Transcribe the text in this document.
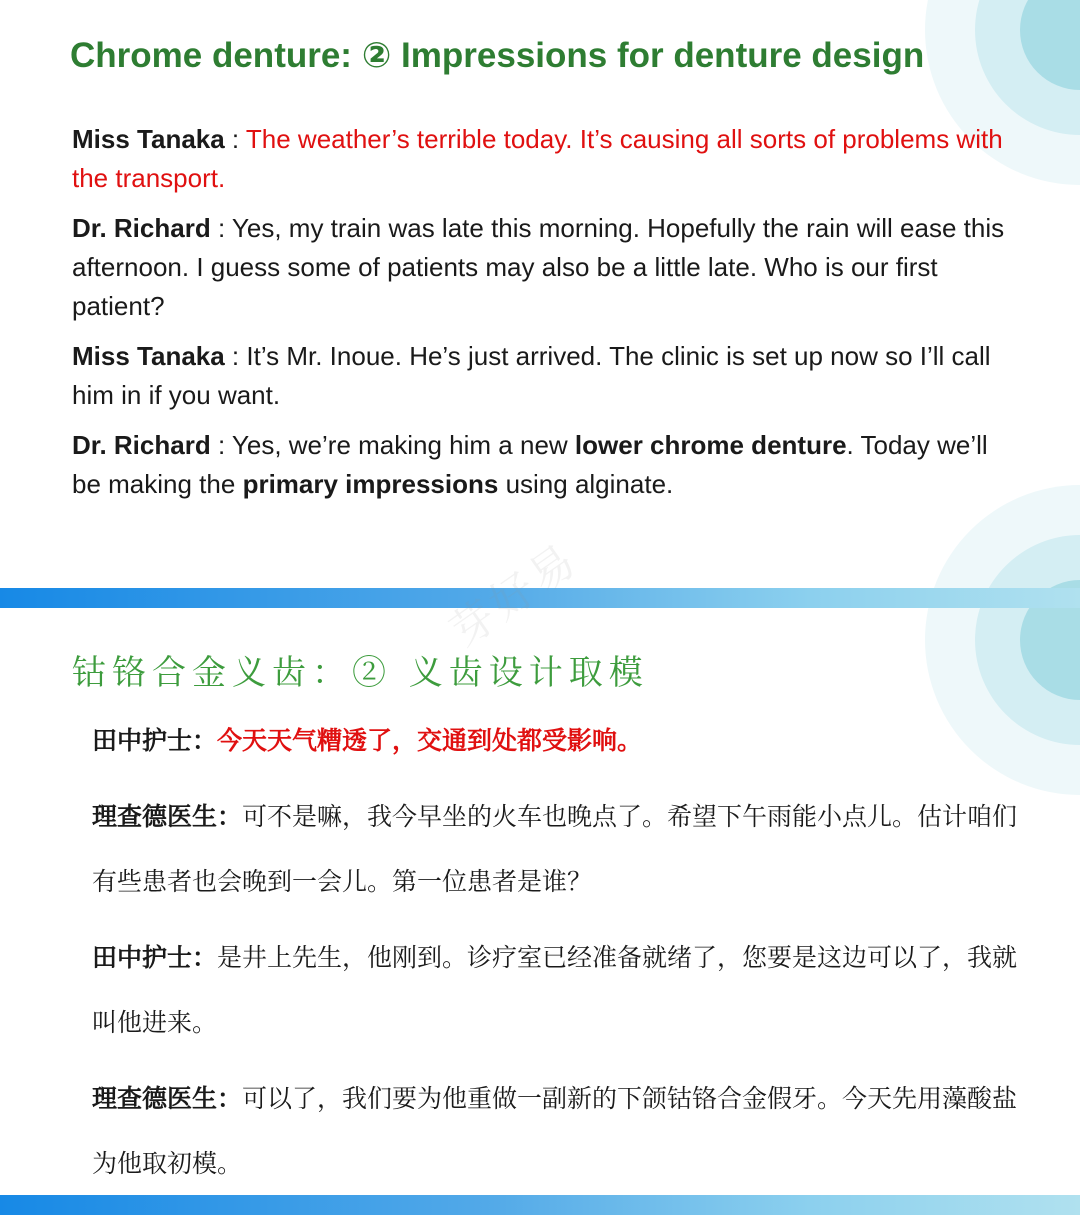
Chrome denture: ② Impressions for denture design

Miss Tanaka : The weather’s terrible today. It’s causing all sorts of problems with the transport.

Dr. Richard : Yes, my train was late this morning. Hopefully the rain will ease this afternoon. I guess some of patients may also be a little late. Who is our first patient?

Miss Tanaka : It’s Mr. Inoue. He’s just arrived. The clinic is set up now so I’ll call him in if you want.

Dr. Richard : Yes, we’re making him a new lower chrome denture. Today we’ll be making the primary impressions using alginate.

芽好易
钴铬合金义齿：② 义齿设计取模

田中护士：今天天气糟透了，交通到处都受影响。

理查德医生：可不是嘛，我今早坐的火车也晚点了。希望下午雨能小点儿。估计咱们有些患者也会晚到一会儿。第一位患者是谁？

田中护士：是井上先生，他刚到。诊疗室已经准备就绪了，您要是这边可以了，我就叫他进来。

理查德医生：可以了，我们要为他重做一副新的下颌钴铬合金假牙。今天先用藻酸盐为他取初模。
